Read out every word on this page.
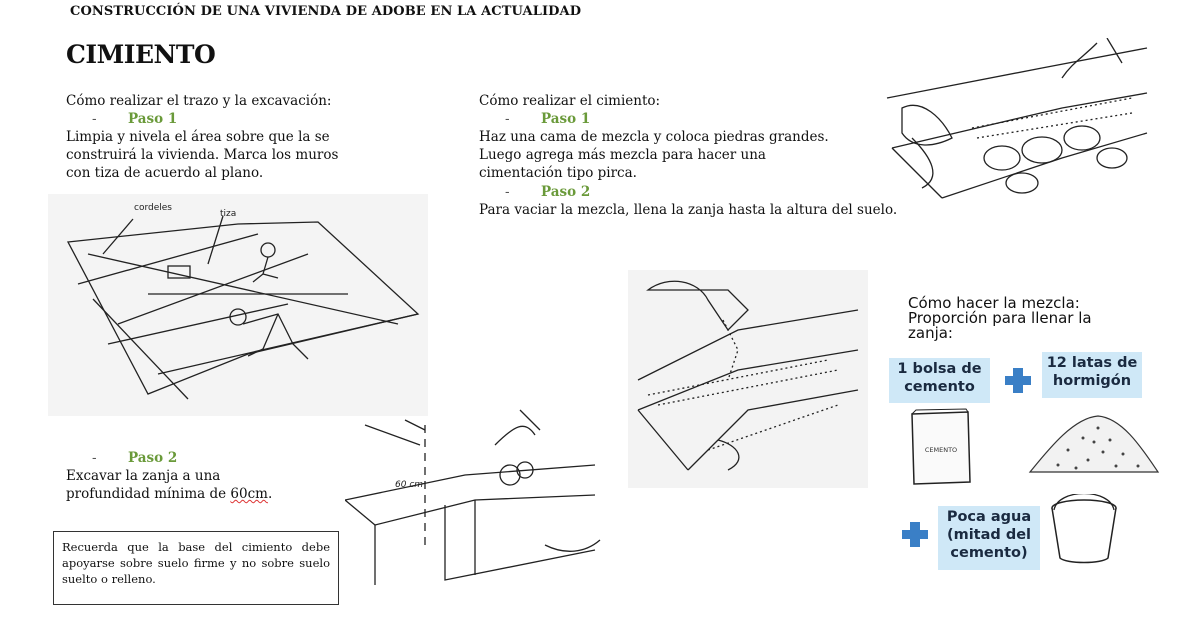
CONSTRUCCIÓN DE UNA VIVIENDA DE ADOBE EN LA ACTUALIDAD
CIMIENTO
Cómo realizar el trazo y la excavación:
- Paso 1
Limpia y nivela el área sobre que la se
construirá la vivienda. Marca los muros
con tiza de acuerdo al plano.
cordeles
tiza
- Paso 2
Excavar la zanja a una
profundidad mínima de 60cm.
Recuerda que la base del cimiento debe apoyarse sobre suelo firme y no sobre suelo suelto o relleno.
60 cm
Cómo realizar el cimiento:
- Paso 1
Haz una cama de mezcla y coloca piedras grandes.
Luego agrega más mezcla para hacer una
cimentación tipo pirca.
- Paso 2
Para vaciar la mezcla, llena la zanja hasta la altura del suelo.
Cómo hacer la mezcla:
Proporción para llenar la
zanja:
1 bolsa de
cemento
12 latas de
hormigón
CEMENTO
Poca agua
(mitad del
cemento)
